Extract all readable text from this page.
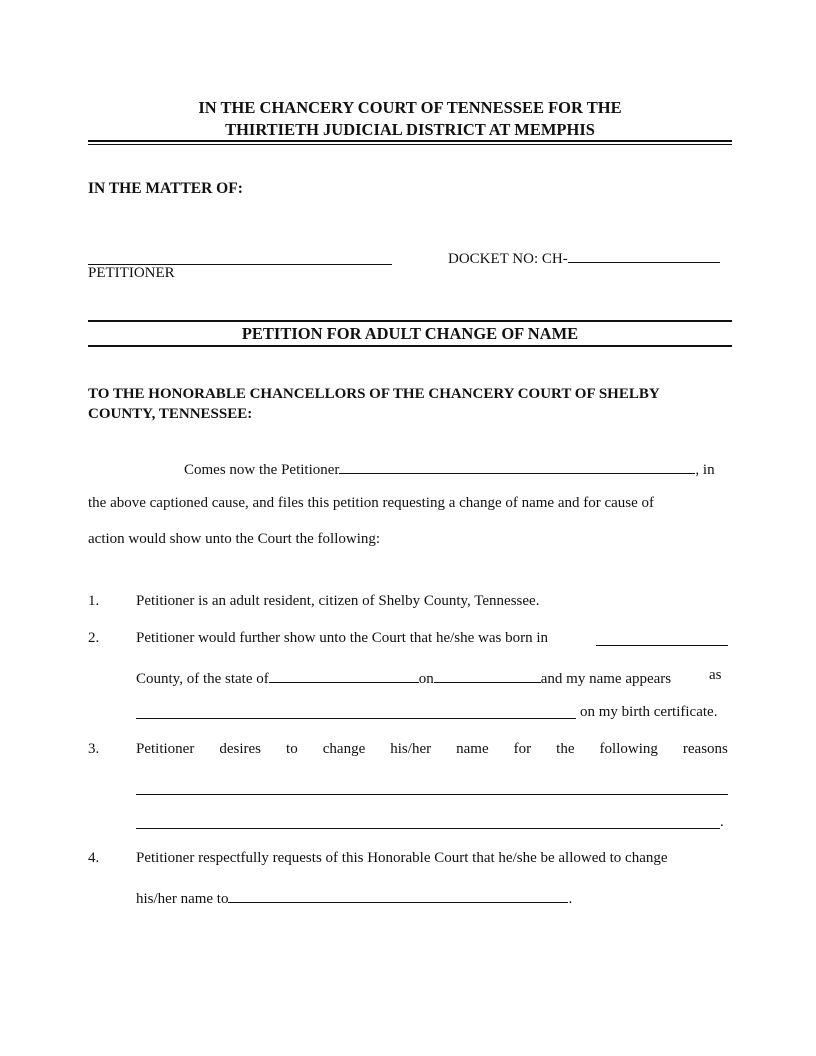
IN THE CHANCERY COURT OF TENNESSEE FOR THE
THIRTIETH JUDICIAL DISTRICT AT MEMPHIS
IN THE MATTER OF:
PETITIONER
DOCKET NO: CH-
PETITION FOR ADULT CHANGE OF NAME
TO THE HONORABLE CHANCELLORS OF THE CHANCERY COURT OF SHELBY
COUNTY, TENNESSEE:
Comes now the Petitioner	, in
the above captioned cause, and files this petition requesting a change of name and for cause of
action would show unto the Court the following:
1. Petitioner is an adult resident, citizen of Shelby County, Tennessee.
2. Petitioner would further show unto the Court that he/she was born in
County, of the state of	on	and my name appears	as
on my birth certificate.
3. Petitioner desires to change his/her name for the following reasons
.
4. Petitioner respectfully requests of this Honorable Court that he/she be allowed to change
his/her name to	.
